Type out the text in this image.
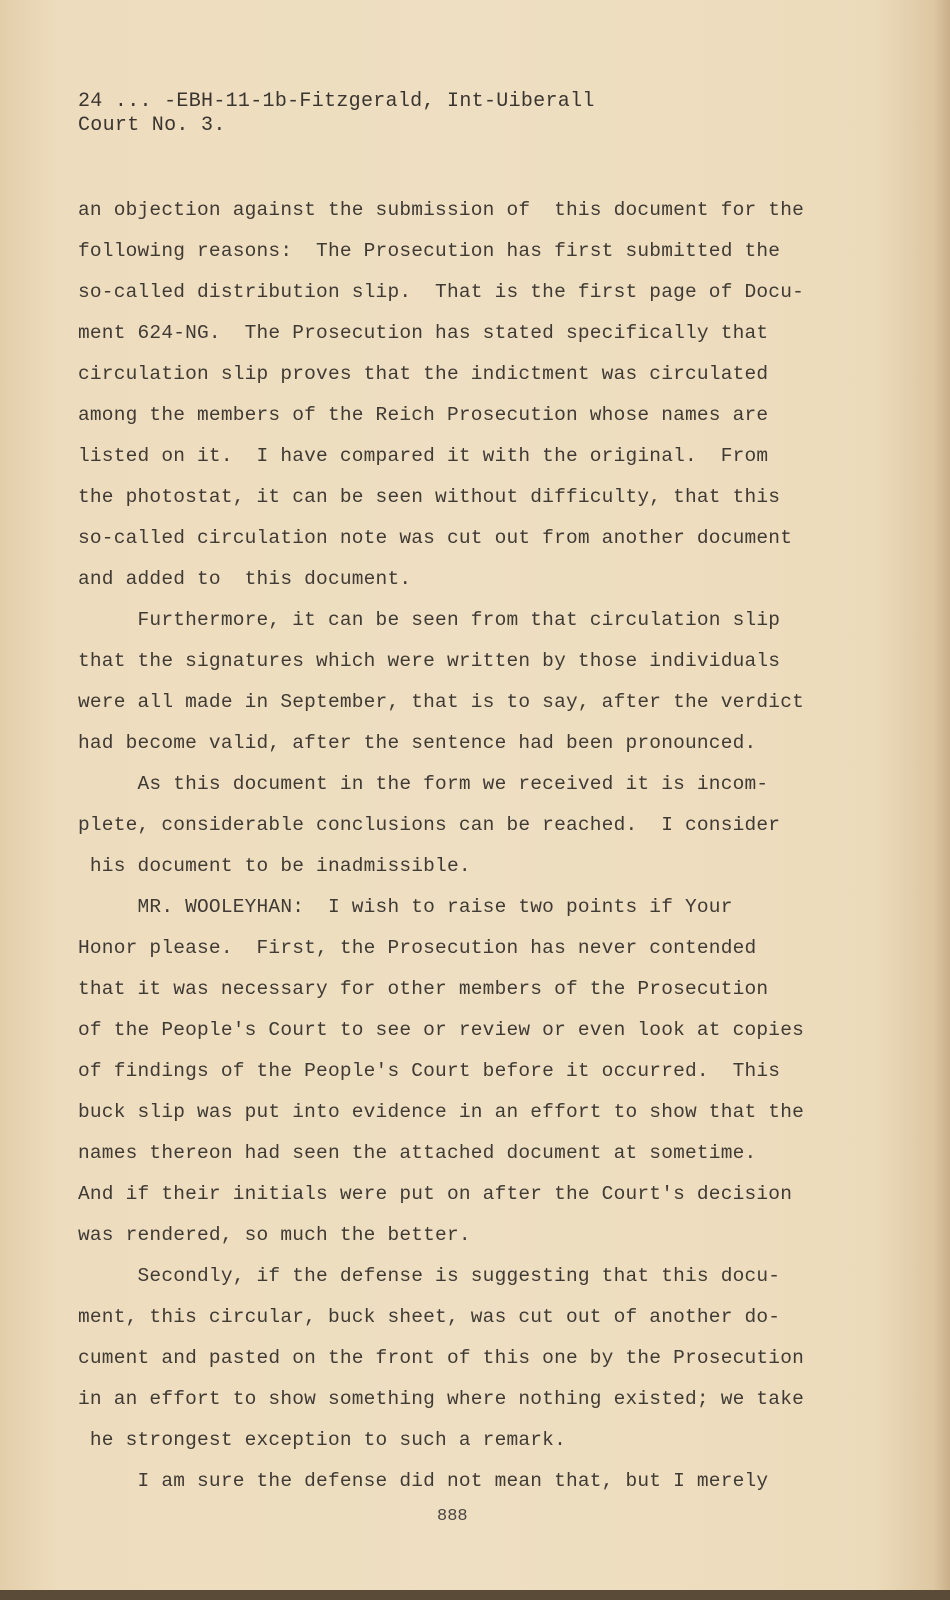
24 ... -EBH-11-1b-Fitzgerald, Int-Uiberall
Court No. 3.
an objection against the submission of  this document for the
following reasons:  The Prosecution has first submitted the
so-called distribution slip.  That is the first page of Docu-
ment 624-NG.  The Prosecution has stated specifically that
circulation slip proves that the indictment was circulated
among the members of the Reich Prosecution whose names are
listed on it.  I have compared it with the original.  From
the photostat, it can be seen without difficulty, that this
so-called circulation note was cut out from another document
and added to  this document.
Furthermore, it can be seen from that circulation slip
that the signatures which were written by those individuals
were all made in September, that is to say, after the verdict
had become valid, after the sentence had been pronounced.
As this document in the form we received it is incom-
plete, considerable conclusions can be reached.  I consider
his document to be inadmissible.
MR. WOOLEYHAN:  I wish to raise two points if Your
Honor please.  First, the Prosecution has never contended
that it was necessary for other members of the Prosecution
of the People's Court to see or review or even look at copies
of findings of the People's Court before it occurred.  This
buck slip was put into evidence in an effort to show that the
names thereon had seen the attached document at sometime.
And if their initials were put on after the Court's decision
was rendered, so much the better.
Secondly, if the defense is suggesting that this docu-
ment, this circular, buck sheet, was cut out of another do-
cument and pasted on the front of this one by the Prosecution
in an effort to show something where nothing existed; we take
he strongest exception to such a remark.
I am sure the defense did not mean that, but I merely
888
